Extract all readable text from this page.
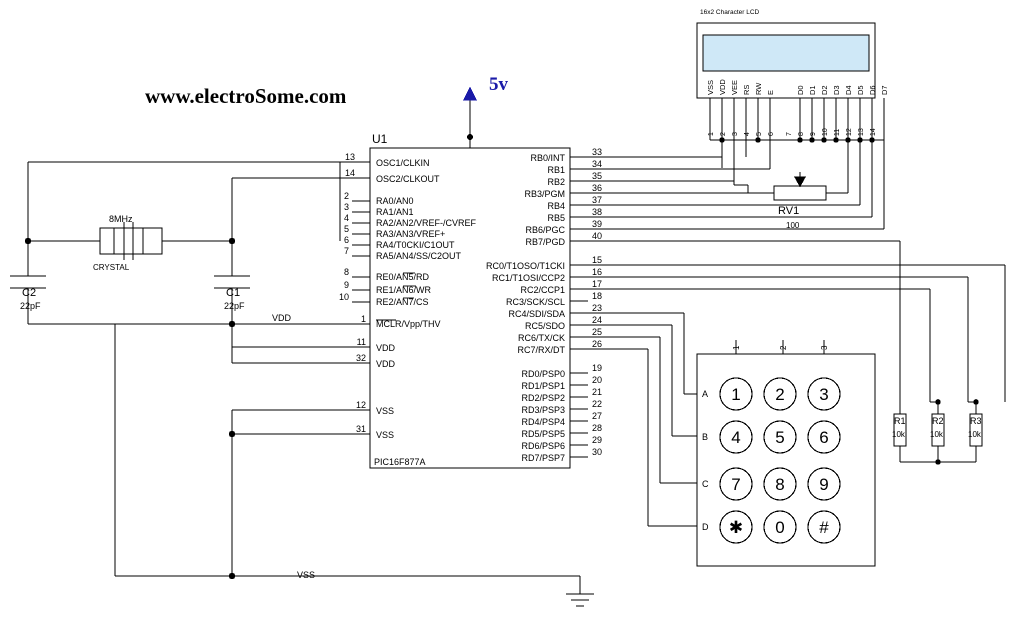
www.electroSome.com	5v
U1
PIC16F877A
13
14
2
3
4
5
6
7
8
9
10
1
11
32
12
31
OSC1/CLKIN
OSC2/CLKOUT
RA0/AN0
RA1/AN1
RA2/AN2/VREF-/CVREF
RA3/AN3/VREF+
RA4/T0CKI/C1OUT
RA5/AN4/SS/C2OUT
RE0/AN5/RD
RE1/AN6/WR
RE2/AN7/CS
MCLR/Vpp/THV
VDD
VDD
VSS
VSS
33
34
35
36
37
38
39
40
15
16
17
18
23
24
25
26
19
20
21
22
27
28
29
30
RB0/INT
RB1
RB2
RB3/PGM
RB4
RB5
RB6/PGC
RB7/PGD
RC0/T1OSO/T1CKI
RC1/T1OSI/CCP2
RC2/CCP1
RC3/SCK/SCL
RC4/SDI/SDA
RC5/SDO
RC6/TX/CK
RC7/RX/DT
RD0/PSP0
RD1/PSP1
RD2/PSP2
RD3/PSP3
RD4/PSP4
RD5/PSP5
RD6/PSP6
RD7/PSP7
8MHz
CRYSTAL
C2
22pF
C1
22pF
VDD
VSS
16x2 Character LCD
VSS VDD VEE RS RW E	D0 D1 D2 D3 D4 D5 D6 D7
1 2 3 4 5 6 7 8 9 10 11 12 13 14
RV1
100
R1
10k
R2
10k
R3
10k
1	2	3
A
B
C
D
1 2 3
4 5 6
7 8 9
✱ 0 #
